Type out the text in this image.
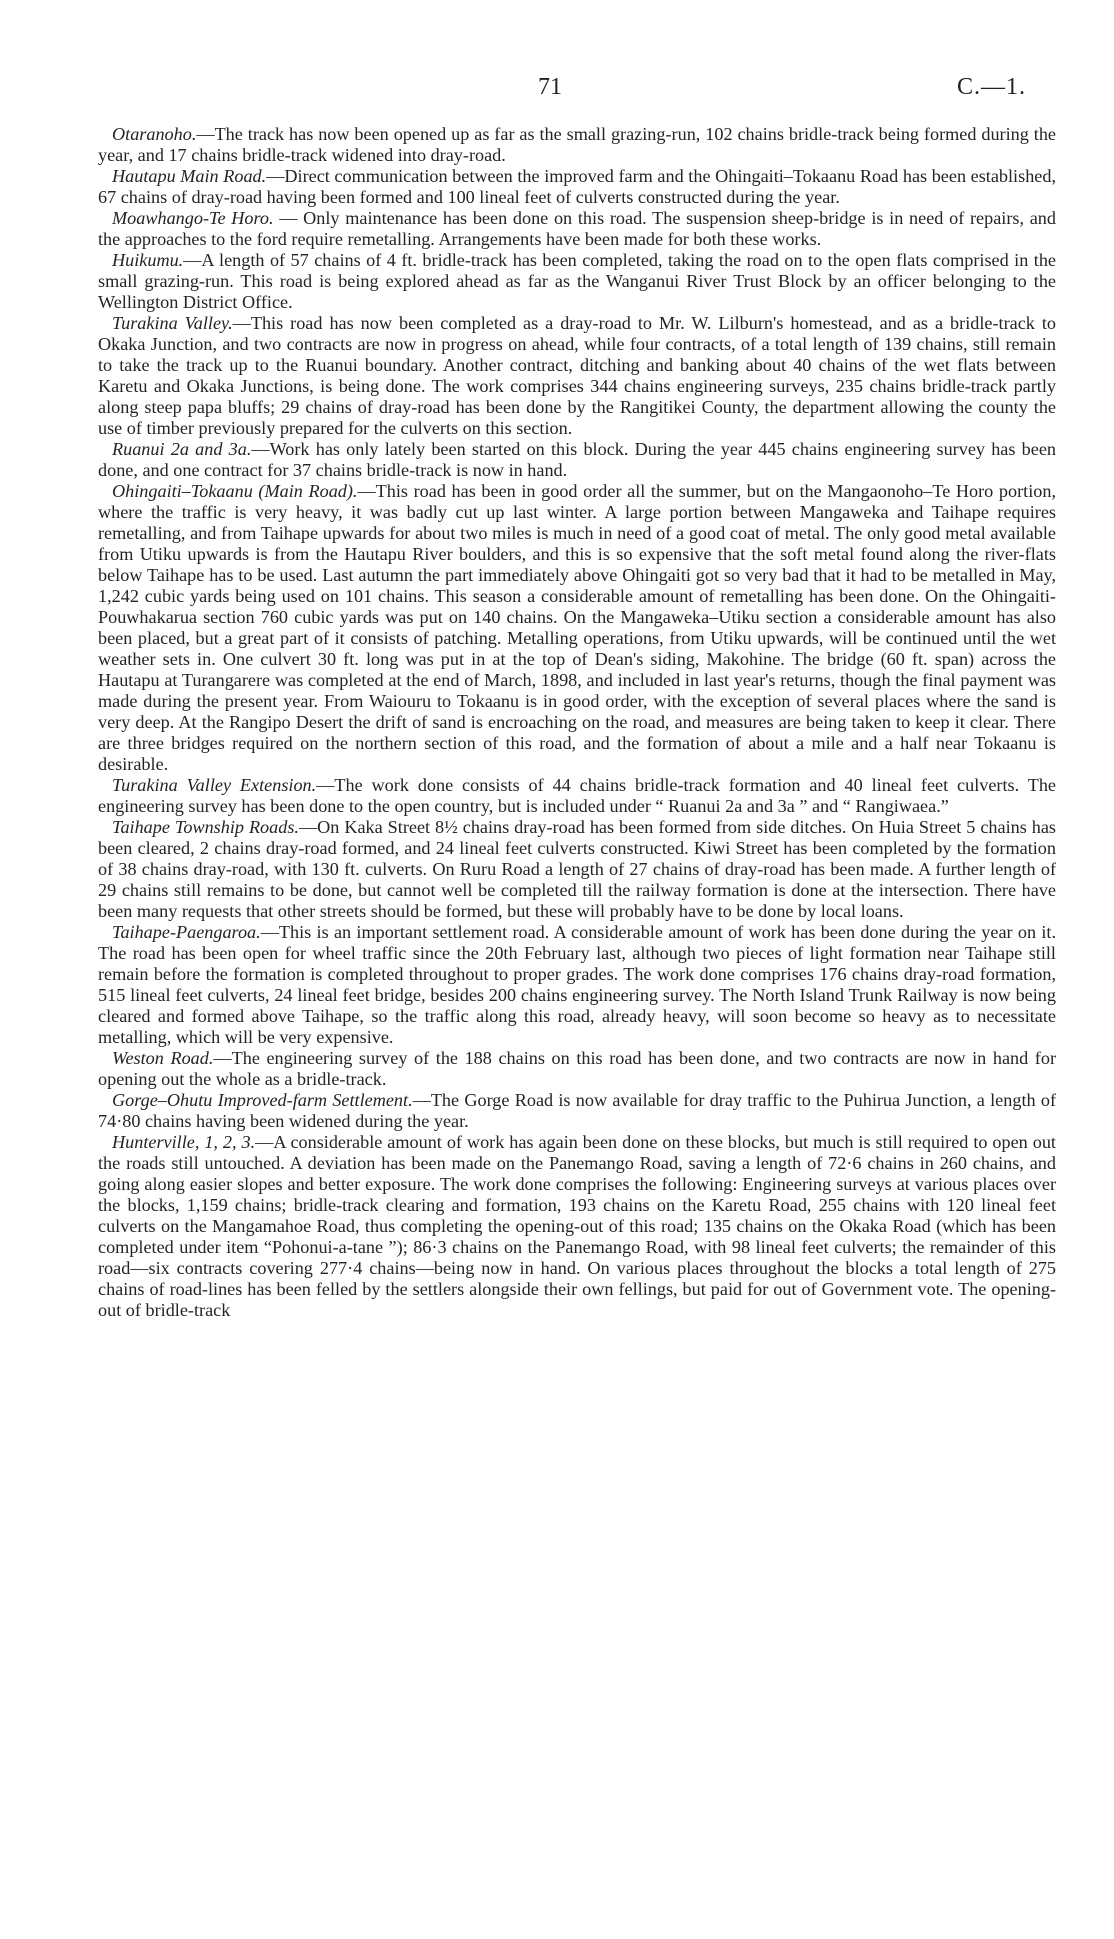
71	C.—1.

Otaranoho.—The track has now been opened up as far as the small grazing-run, 102 chains bridle-track being formed during the year, and 17 chains bridle-track widened into dray-road.

Hautapu Main Road.—Direct communication between the improved farm and the Ohingaiti–Tokaanu Road has been established, 67 chains of dray-road having been formed and 100 lineal feet of culverts constructed during the year.

Moawhango-Te Horo. — Only maintenance has been done on this road. The suspension sheep-bridge is in need of repairs, and the approaches to the ford require remetalling. Arrangements have been made for both these works.

Huikumu.—A length of 57 chains of 4 ft. bridle-track has been completed, taking the road on to the open flats comprised in the small grazing-run. This road is being explored ahead as far as the Wanganui River Trust Block by an officer belonging to the Wellington District Office.

Turakina Valley.—This road has now been completed as a dray-road to Mr. W. Lilburn's homestead, and as a bridle-track to Okaka Junction, and two contracts are now in progress on ahead, while four contracts, of a total length of 139 chains, still remain to take the track up to the Ruanui boundary. Another contract, ditching and banking about 40 chains of the wet flats between Karetu and Okaka Junctions, is being done. The work comprises 344 chains engineering surveys, 235 chains bridle-track partly along steep papa bluffs; 29 chains of dray-road has been done by the Rangitikei County, the department allowing the county the use of timber previously prepared for the culverts on this section.

Ruanui 2a and 3a.—Work has only lately been started on this block. During the year 445 chains engineering survey has been done, and one contract for 37 chains bridle-track is now in hand.

Ohingaiti–Tokaanu (Main Road).—This road has been in good order all the summer, but on the Mangaonoho–Te Horo portion, where the traffic is very heavy, it was badly cut up last winter. A large portion between Mangaweka and Taihape requires remetalling, and from Taihape upwards for about two miles is much in need of a good coat of metal. The only good metal available from Utiku upwards is from the Hautapu River boulders, and this is so expensive that the soft metal found along the river-flats below Taihape has to be used. Last autumn the part immediately above Ohingaiti got so very bad that it had to be metalled in May, 1,242 cubic yards being used on 101 chains. This season a considerable amount of remetalling has been done. On the Ohingaiti-Pouwhakarua section 760 cubic yards was put on 140 chains. On the Mangaweka–Utiku section a considerable amount has also been placed, but a great part of it consists of patching. Metalling operations, from Utiku upwards, will be continued until the wet weather sets in. One culvert 30 ft. long was put in at the top of Dean's siding, Makohine. The bridge (60 ft. span) across the Hautapu at Turangarere was completed at the end of March, 1898, and included in last year's returns, though the final payment was made during the present year. From Waiouru to Tokaanu is in good order, with the exception of several places where the sand is very deep. At the Rangipo Desert the drift of sand is encroaching on the road, and measures are being taken to keep it clear. There are three bridges required on the northern section of this road, and the formation of about a mile and a half near Tokaanu is desirable.

Turakina Valley Extension.—The work done consists of 44 chains bridle-track formation and 40 lineal feet culverts. The engineering survey has been done to the open country, but is included under “ Ruanui 2a and 3a ” and “ Rangiwaea.”

Taihape Township Roads.—On Kaka Street 8½ chains dray-road has been formed from side ditches. On Huia Street 5 chains has been cleared, 2 chains dray-road formed, and 24 lineal feet culverts constructed. Kiwi Street has been completed by the formation of 38 chains dray-road, with 130 ft. culverts. On Ruru Road a length of 27 chains of dray-road has been made. A further length of 29 chains still remains to be done, but cannot well be completed till the railway formation is done at the intersection. There have been many requests that other streets should be formed, but these will probably have to be done by local loans.

Taihape-Paengaroa.—This is an important settlement road. A considerable amount of work has been done during the year on it. The road has been open for wheel traffic since the 20th February last, although two pieces of light formation near Taihape still remain before the formation is completed throughout to proper grades. The work done comprises 176 chains dray-road formation, 515 lineal feet culverts, 24 lineal feet bridge, besides 200 chains engineering survey. The North Island Trunk Railway is now being cleared and formed above Taihape, so the traffic along this road, already heavy, will soon become so heavy as to necessitate metalling, which will be very expensive.

Weston Road.—The engineering survey of the 188 chains on this road has been done, and two contracts are now in hand for opening out the whole as a bridle-track.

Gorge–Ohutu Improved-farm Settlement.—The Gorge Road is now available for dray traffic to the Puhirua Junction, a length of 74·80 chains having been widened during the year.

Hunterville, 1, 2, 3.—A considerable amount of work has again been done on these blocks, but much is still required to open out the roads still untouched. A deviation has been made on the Panemango Road, saving a length of 72·6 chains in 260 chains, and going along easier slopes and better exposure. The work done comprises the following: Engineering surveys at various places over the blocks, 1,159 chains; bridle-track clearing and formation, 193 chains on the Karetu Road, 255 chains with 120 lineal feet culverts on the Mangamahoe Road, thus completing the opening-out of this road; 135 chains on the Okaka Road (which has been completed under item “Pohonui-a-tane ”); 86·3 chains on the Panemango Road, with 98 lineal feet culverts; the remainder of this road—six contracts covering 277·4 chains—being now in hand. On various places throughout the blocks a total length of 275 chains of road-lines has been felled by the settlers alongside their own fellings, but paid for out of Government vote. The opening-out of bridle-track
